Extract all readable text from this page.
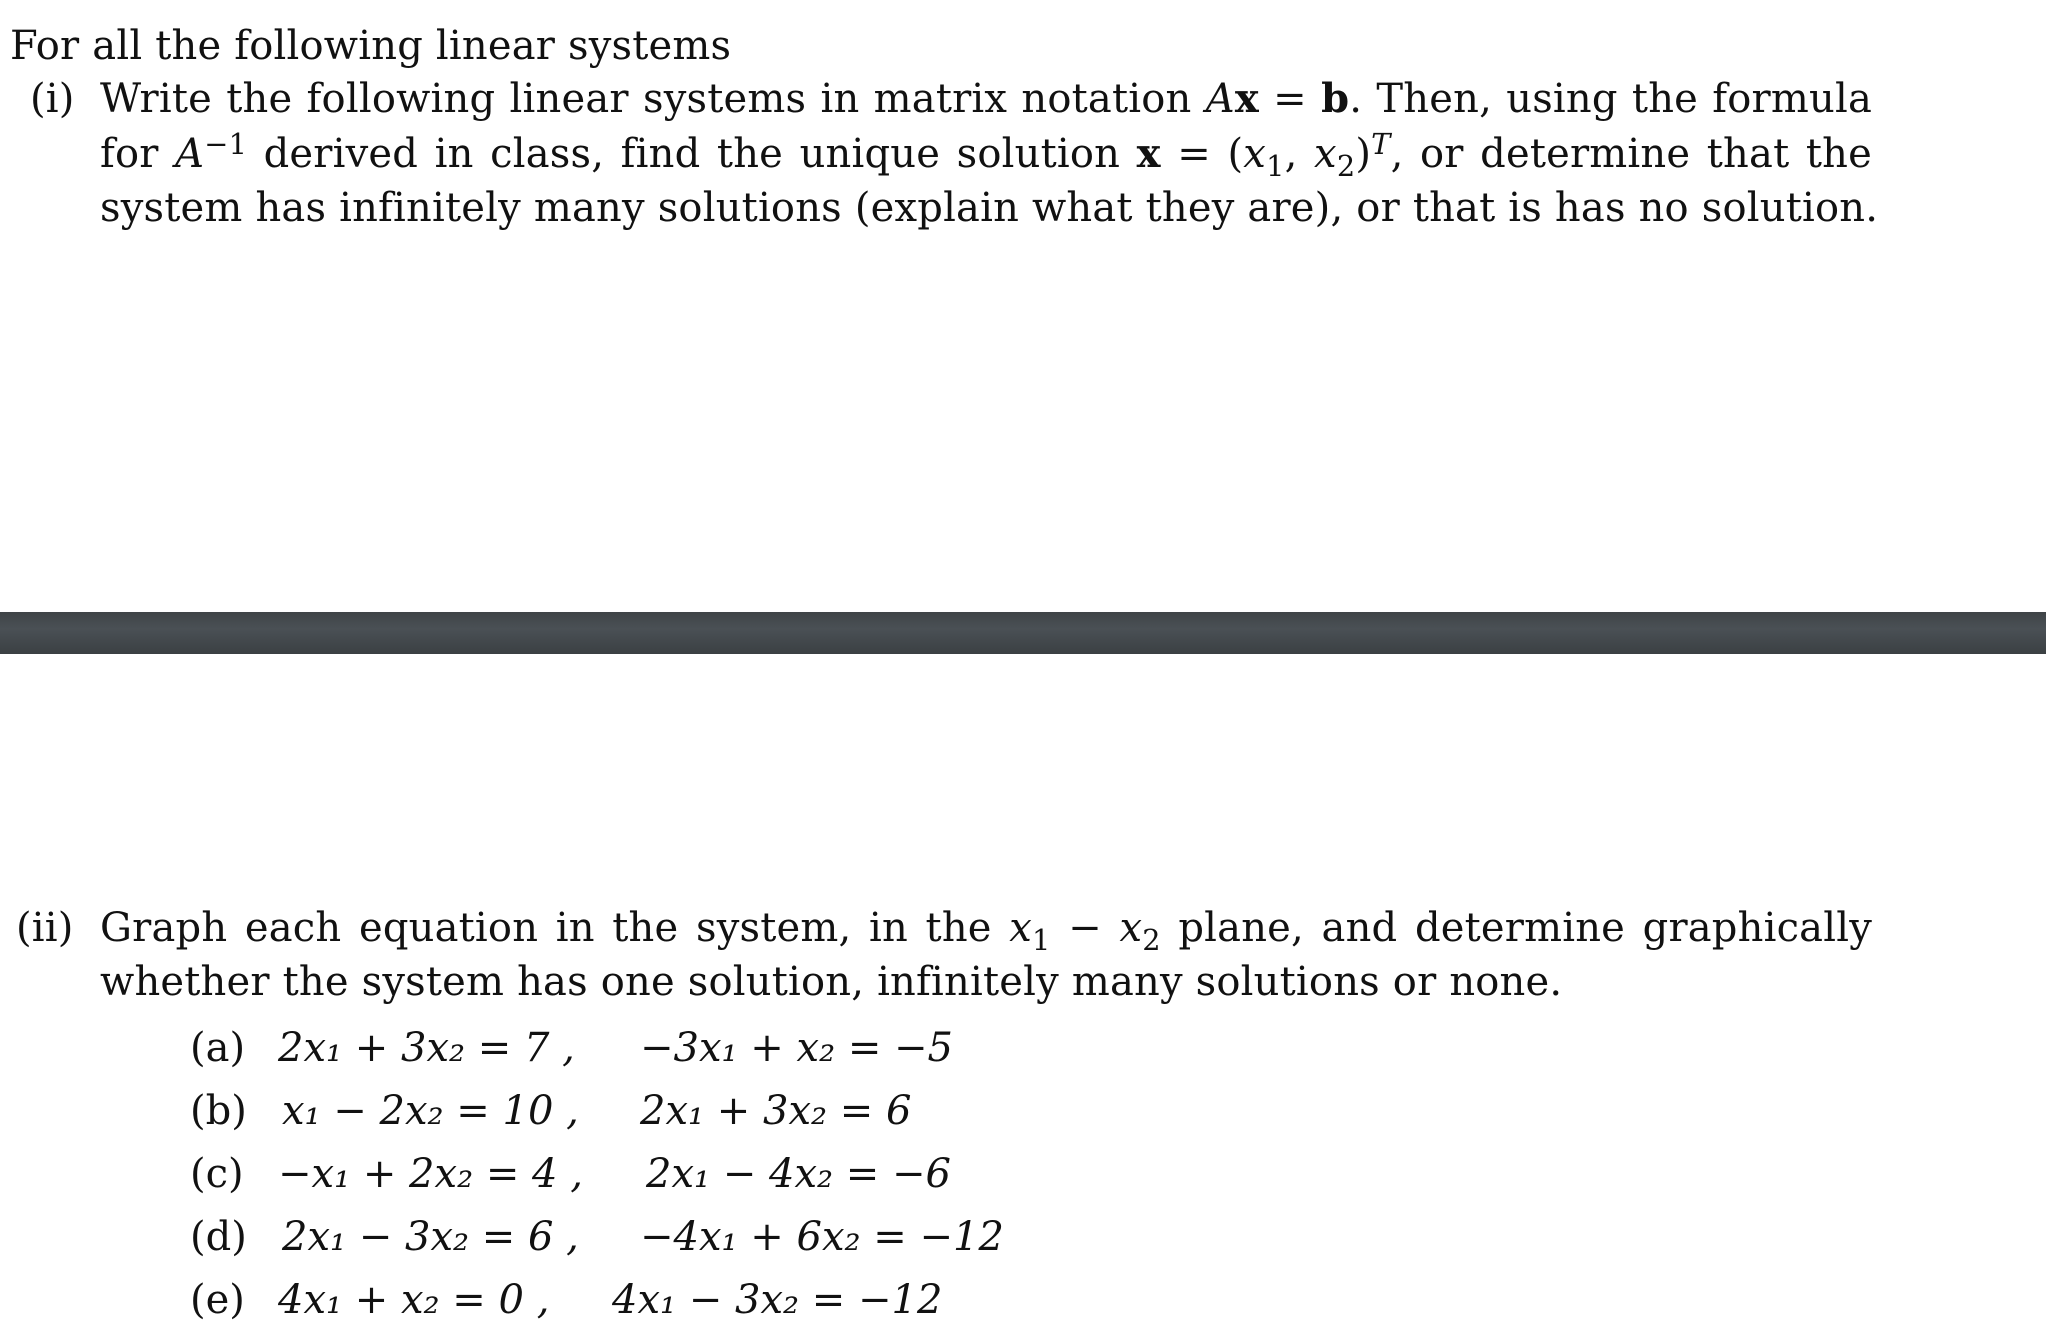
For all the following linear systems
(i) Write the following linear systems in matrix notation Ax = b. Then, using the formula
for $A^{-1}$ derived in class, find the unique solution $x = (x_1$, $x_2)^T$, or determine that the
system has infinitely many solutions (explain what they are), or that is has no solution.
(ii) Graph each equation in the system, in the $x_1 - x_2$ plane, and determine graphically
whether the system has one solution, infinitely many solutions or none.
(a) 2x₁ + 3x₂ = 7 , −3x₁ + x₂ = −5
(b) x₁ − 2x₂ = 10 , 2x₁ + 3x₂ = 6
(c) −x₁ + 2x₂ = 4 , 2x₁ − 4x₂ = −6
(d) 2x₁ − 3x₂ = 6 , −4x₁ + 6x₂ = −12
(e) 4x₁ + x₂ = 0 , 4x₁ − 3x₂ = −12
